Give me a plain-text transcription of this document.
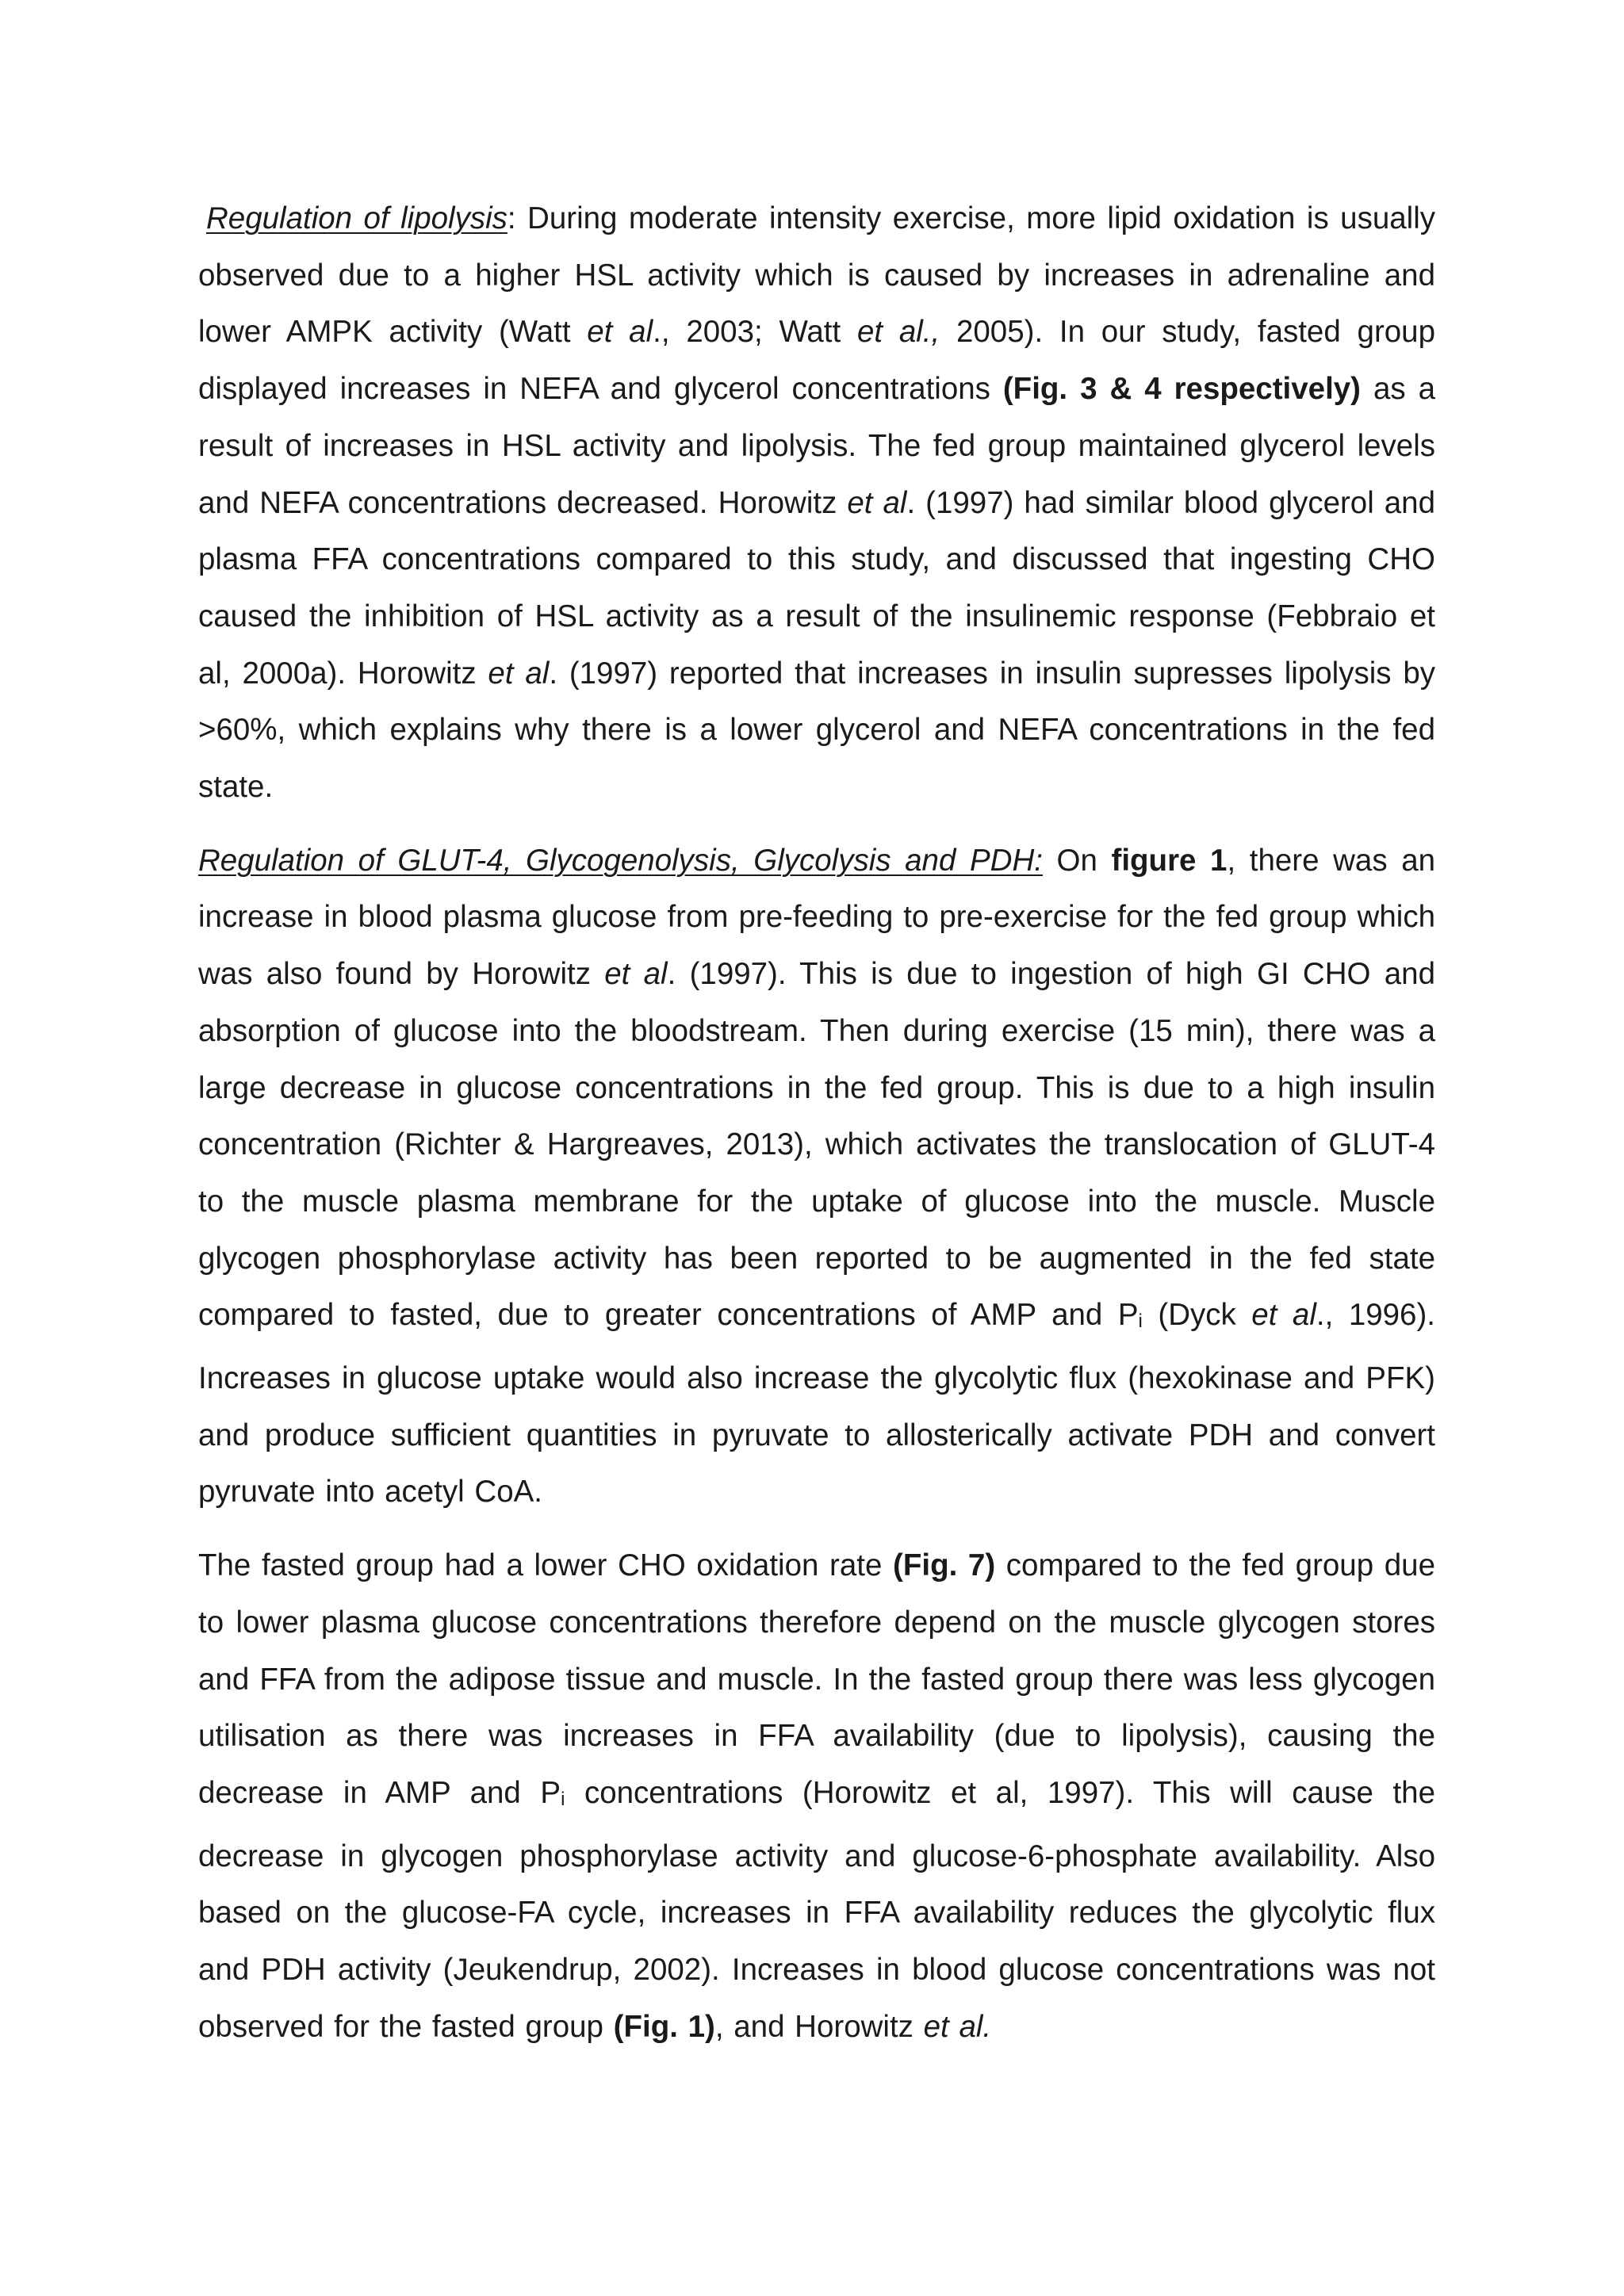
Regulation of lipolysis: During moderate intensity exercise, more lipid oxidation is usually observed due to a higher HSL activity which is caused by increases in adrenaline and lower AMPK activity (Watt et al., 2003; Watt et al., 2005). In our study, fasted group displayed increases in NEFA and glycerol concentrations (Fig. 3 & 4 respectively) as a result of increases in HSL activity and lipolysis. The fed group maintained glycerol levels and NEFA concentrations decreased. Horowitz et al. (1997) had similar blood glycerol and plasma FFA concentrations compared to this study, and discussed that ingesting CHO caused the inhibition of HSL activity as a result of the insulinemic response (Febbraio et al, 2000a). Horowitz et al. (1997) reported that increases in insulin supresses lipolysis by >60%, which explains why there is a lower glycerol and NEFA concentrations in the fed state.

Regulation of GLUT-4, Glycogenolysis, Glycolysis and PDH: On figure 1, there was an increase in blood plasma glucose from pre-feeding to pre-exercise for the fed group which was also found by Horowitz et al. (1997). This is due to ingestion of high GI CHO and absorption of glucose into the bloodstream. Then during exercise (15 min), there was a large decrease in glucose concentrations in the fed group. This is due to a high insulin concentration (Richter & Hargreaves, 2013), which activates the translocation of GLUT-4 to the muscle plasma membrane for the uptake of glucose into the muscle. Muscle glycogen phosphorylase activity has been reported to be augmented in the fed state compared to fasted, due to greater concentrations of AMP and Pi (Dyck et al., 1996). Increases in glucose uptake would also increase the glycolytic flux (hexokinase and PFK) and produce sufficient quantities in pyruvate to allosterically activate PDH and convert pyruvate into acetyl CoA.

The fasted group had a lower CHO oxidation rate (Fig. 7) compared to the fed group due to lower plasma glucose concentrations therefore depend on the muscle glycogen stores and FFA from the adipose tissue and muscle. In the fasted group there was less glycogen utilisation as there was increases in FFA availability (due to lipolysis), causing the decrease in AMP and Pi concentrations (Horowitz et al, 1997). This will cause the decrease in glycogen phosphorylase activity and glucose-6-phosphate availability. Also based on the glucose-FA cycle, increases in FFA availability reduces the glycolytic flux and PDH activity (Jeukendrup, 2002). Increases in blood glucose concentrations was not observed for the fasted group (Fig. 1), and Horowitz et al.
